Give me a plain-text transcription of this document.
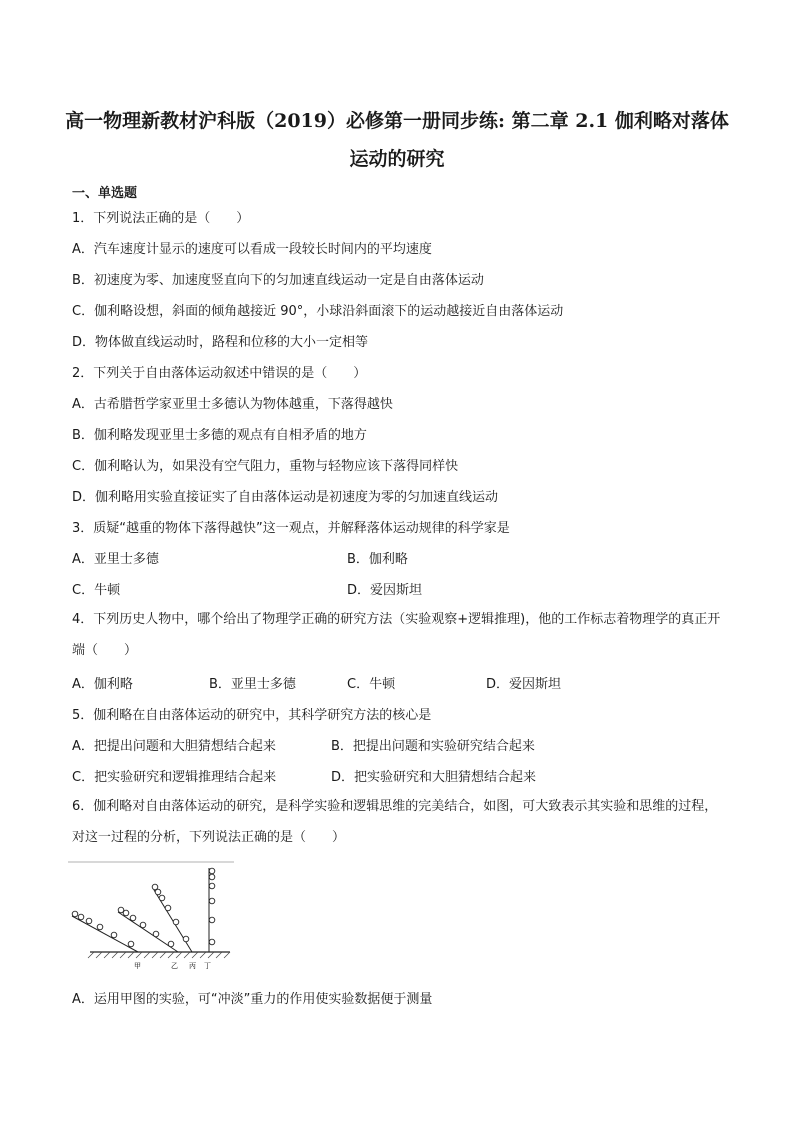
高一物理新教材沪科版（2019）必修第一册同步练: 第二章 2.1 伽利略对落体运动的研究
一、单选题
1．下列说法正确的是（　　）
A．汽车速度计显示的速度可以看成一段较长时间内的平均速度
B．初速度为零、加速度竖直向下的匀加速直线运动一定是自由落体运动
C．伽利略设想，斜面的倾角越接近 90°，小球沿斜面滚下的运动越接近自由落体运动
D．物体做直线运动时，路程和位移的大小一定相等
2．下列关于自由落体运动叙述中错误的是（　　）
A．古希腊哲学家亚里士多德认为物体越重，下落得越快
B．伽利略发现亚里士多德的观点有自相矛盾的地方
C．伽利略认为，如果没有空气阻力，重物与轻物应该下落得同样快
D．伽利略用实验直接证实了自由落体运动是初速度为零的匀加速直线运动
3．质疑“越重的物体下落得越快”这一观点，并解释落体运动规律的科学家是
A．亚里士多德	B．伽利略
C．牛顿	D．爱因斯坦
4．下列历史人物中，哪个给出了物理学正确的研究方法（实验观察+逻辑推理)，他的工作标志着物理学的真正开端（　　）
A．伽利略	B．亚里士多德	C．牛顿	D．爱因斯坦
5．伽利略在自由落体运动的研究中，其科学研究方法的核心是
A．把提出问题和大胆猜想结合起来	B．把提出问题和实验研究结合起来
C．把实验研究和逻辑推理结合起来	D．把实验研究和大胆猜想结合起来
6．伽利略对自由落体运动的研究，是科学实验和逻辑思维的完美结合，如图，可大致表示其实验和思维的过程，对这一过程的分析，下列说法正确的是（　　）
甲	乙 丙 丁
A．运用甲图的实验，可“冲淡”重力的作用使实验数据便于测量
